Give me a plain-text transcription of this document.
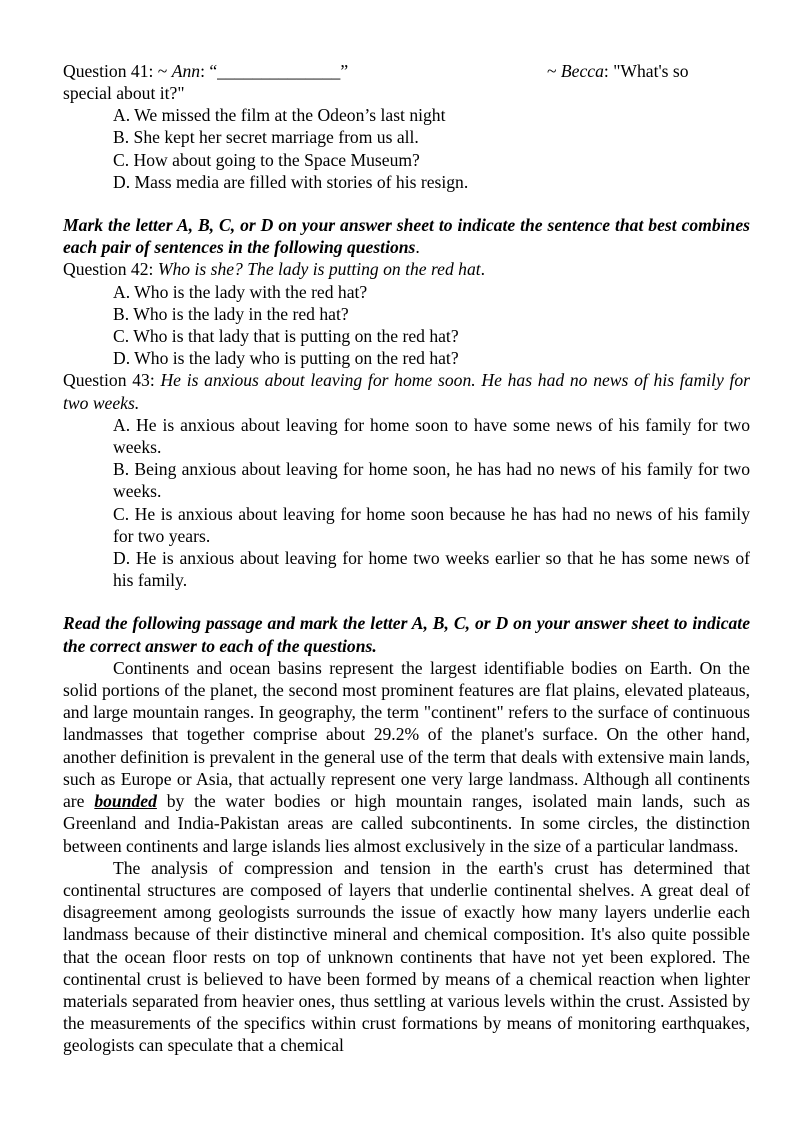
Question 41: ~ Ann: “______________”	~ Becca: "What's so

special about it?"

A. We missed the film at the Odeon’s last night

B. She kept her secret marriage from us all.

C. How about going to the Space Museum?

D. Mass media are filled with stories of his resign.

Mark the letter A, B, C, or D on your answer sheet to indicate the sentence that best combines each pair of sentences in the following questions.

Question 42: Who is she? The lady is putting on the red hat.

A. Who is the lady with the red hat?

B. Who is the lady in the red hat?

C. Who is that lady that is putting on the red hat?

D. Who is the lady who is putting on the red hat?

Question 43: He is anxious about leaving for home soon. He has had no news of his family for two weeks.

A. He is anxious about leaving for home soon to have some news of his family for two weeks.

B. Being anxious about leaving for home soon, he has had no news of his family for two weeks.

C. He is anxious about leaving for home soon because he has had no news of his family for two years.

D. He is anxious about leaving for home two weeks earlier so that he has some news of his family.

Read the following passage and mark the letter A, B, C, or D on your answer sheet to indicate the correct answer to each of the questions.

Continents and ocean basins represent the largest identifiable bodies on Earth. On the solid portions of the planet, the second most prominent features are flat plains, elevated plateaus, and large mountain ranges. In geography, the term "continent" refers to the surface of continuous landmasses that together comprise about 29.2% of the planet's surface. On the other hand, another definition is prevalent in the general use of the term that deals with extensive main lands, such as Europe or Asia, that actually represent one very large landmass. Although all continents are bounded by the water bodies or high mountain ranges, isolated main lands, such as Greenland and India-Pakistan areas are called subcontinents. In some circles, the distinction between continents and large islands lies almost exclusively in the size of a particular landmass.

The analysis of compression and tension in the earth's crust has determined that continental structures are composed of layers that underlie continental shelves. A great deal of disagreement among geologists surrounds the issue of exactly how many layers underlie each landmass because of their distinctive mineral and chemical composition. It's also quite possible that the ocean floor rests on top of unknown continents that have not yet been explored. The continental crust is believed to have been formed by means of a chemical reaction when lighter materials separated from heavier ones, thus settling at various levels within the crust. Assisted by the measurements of the specifics within crust formations by means of monitoring earthquakes, geologists can speculate that a chemical
